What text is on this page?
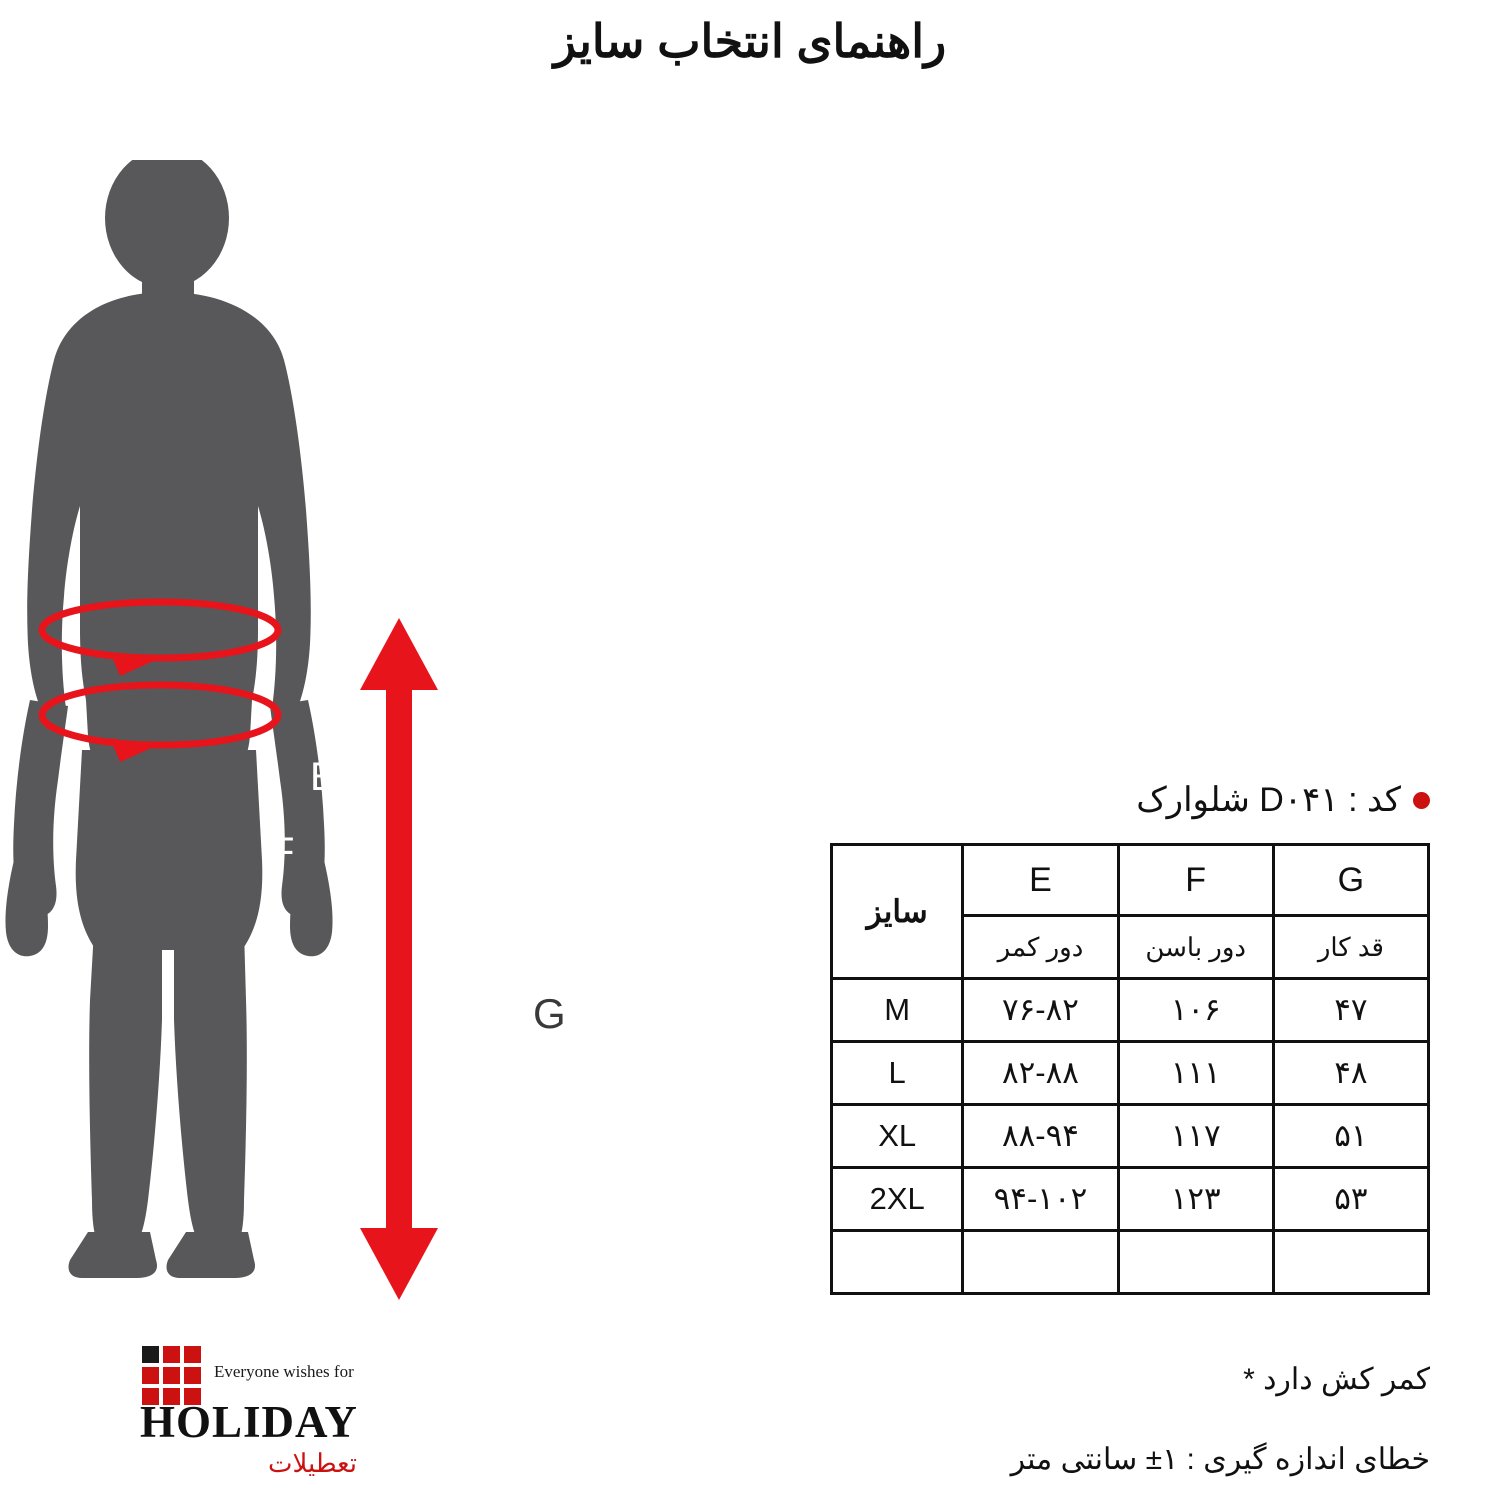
راهنمای انتخاب سایز
E
F
G
Everyone wishes for
HOLIDAY
تعطیلات
کد : D۰۴۱ شلوارک
G	F	E	سایز
قد کار	دور باسن	دور کمر	
۴۷	۱۰۶	۷۶-۸۲	M
۴۸	۱۱۱	۸۲-۸۸	L
۵۱	۱۱۷	۸۸-۹۴	XL
۵۳	۱۲۳	۹۴-۱۰۲	2XL

کمر کش دارد *
خطای اندازه گیری : ۱± سانتی متر
